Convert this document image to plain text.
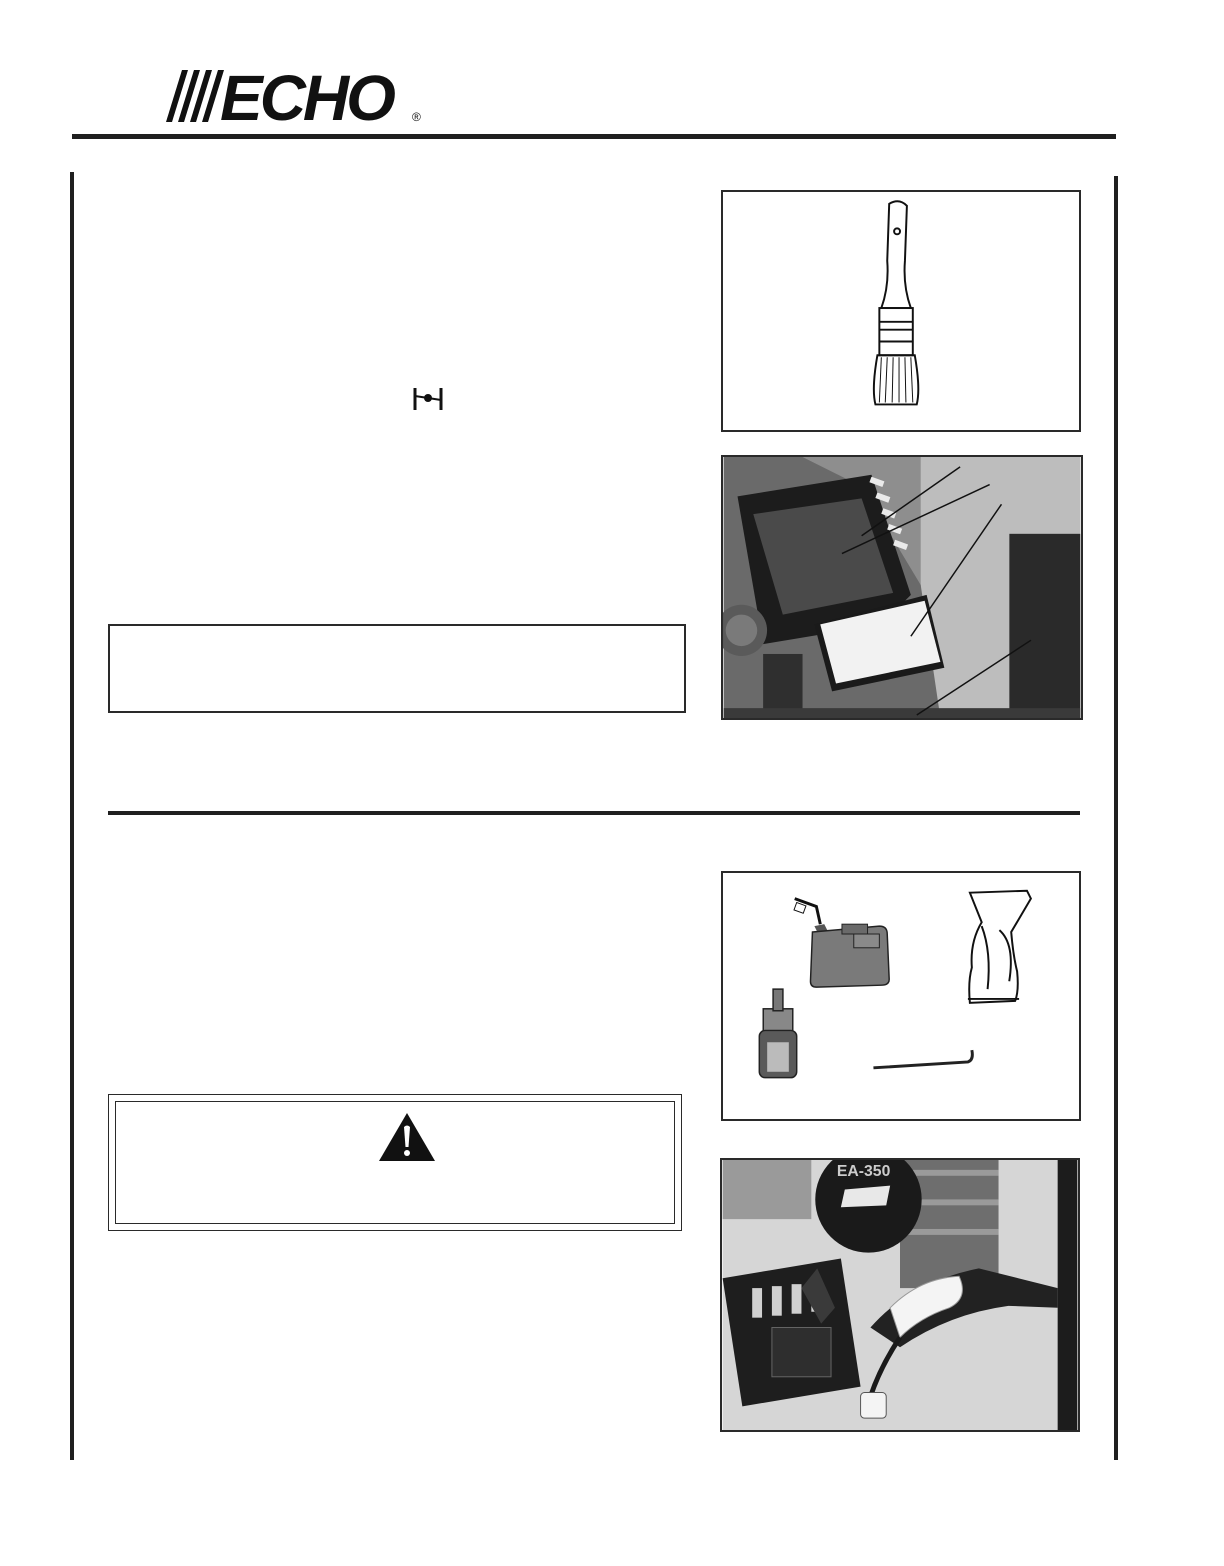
ECHO ®
EA-350
